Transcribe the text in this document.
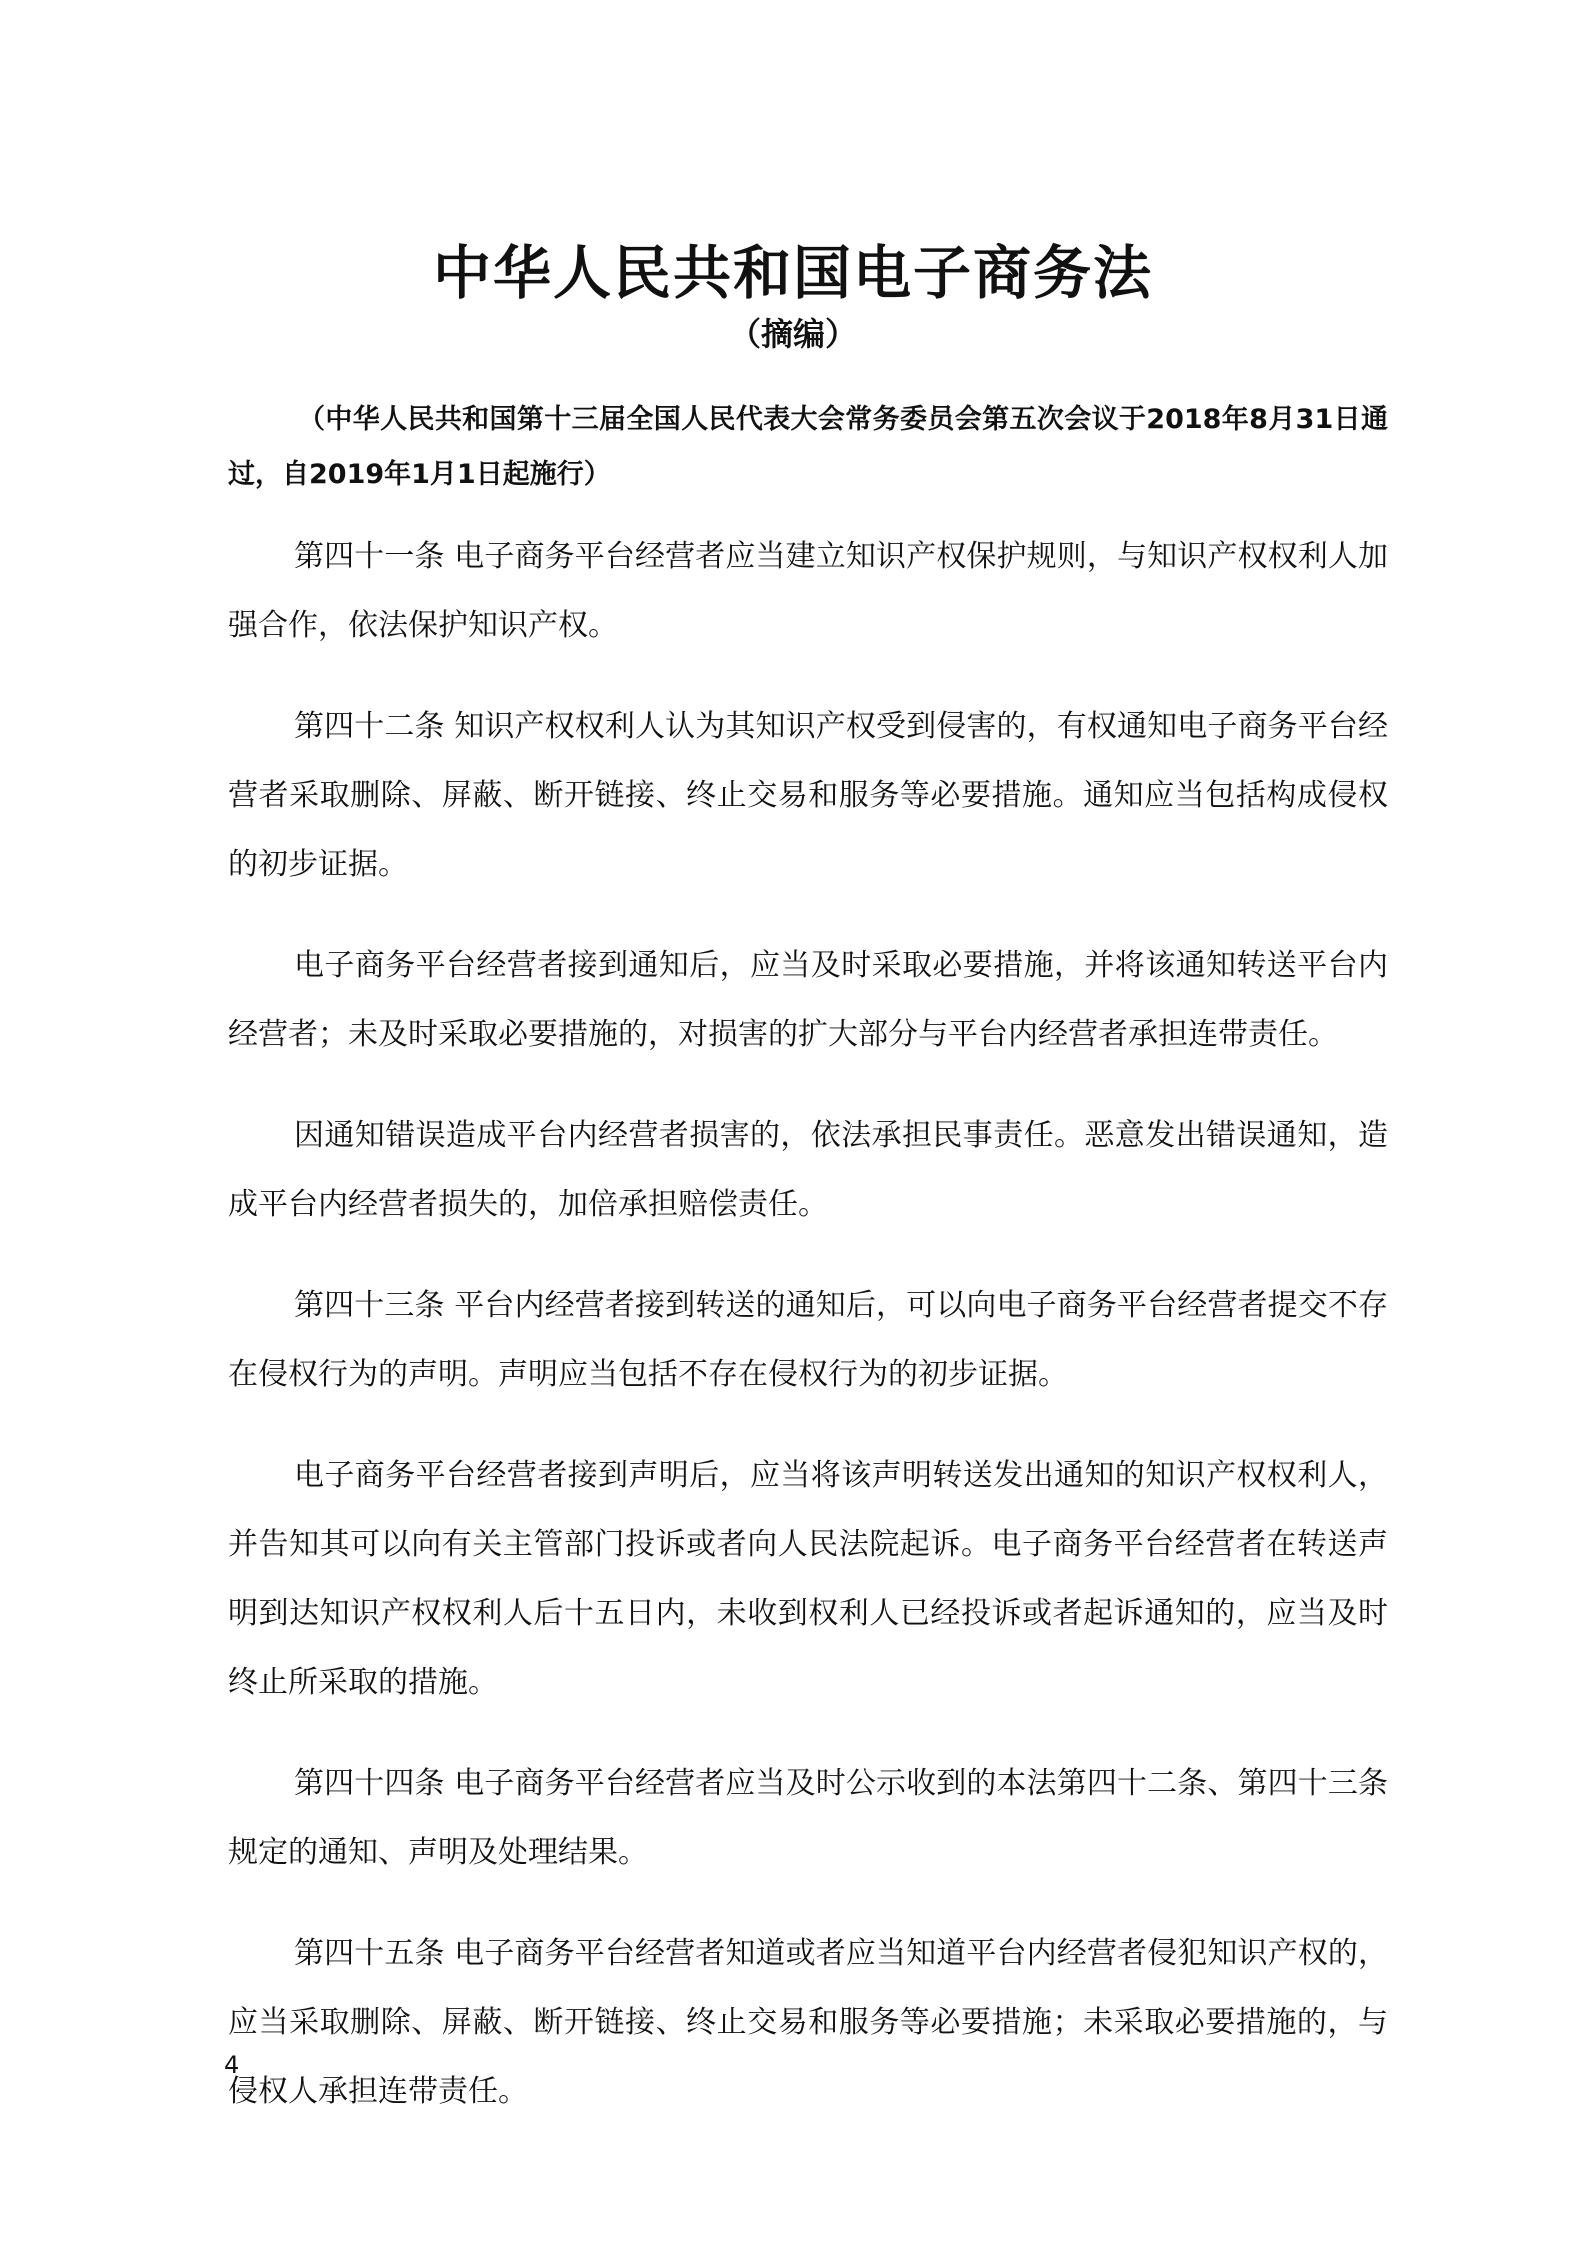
中华人民共和国电子商务法
（摘编）
（中华人民共和国第十三届全国人民代表大会常务委员会第五次会议于2018年8月31日通过，自2019年1月1日起施行）

第四十一条 电子商务平台经营者应当建立知识产权保护规则，与知识产权权利人加强合作，依法保护知识产权。

第四十二条 知识产权权利人认为其知识产权受到侵害的，有权通知电子商务平台经营者采取删除、屏蔽、断开链接、终止交易和服务等必要措施。通知应当包括构成侵权的初步证据。

电子商务平台经营者接到通知后，应当及时采取必要措施，并将该通知转送平台内经营者；未及时采取必要措施的，对损害的扩大部分与平台内经营者承担连带责任。

因通知错误造成平台内经营者损害的，依法承担民事责任。恶意发出错误通知，造成平台内经营者损失的，加倍承担赔偿责任。

第四十三条 平台内经营者接到转送的通知后，可以向电子商务平台经营者提交不存在侵权行为的声明。声明应当包括不存在侵权行为的初步证据。

电子商务平台经营者接到声明后，应当将该声明转送发出通知的知识产权权利人，并告知其可以向有关主管部门投诉或者向人民法院起诉。电子商务平台经营者在转送声明到达知识产权权利人后十五日内，未收到权利人已经投诉或者起诉通知的，应当及时终止所采取的措施。

第四十四条 电子商务平台经营者应当及时公示收到的本法第四十二条、第四十三条规定的通知、声明及处理结果。

第四十五条 电子商务平台经营者知道或者应当知道平台内经营者侵犯知识产权的，应当采取删除、屏蔽、断开链接、终止交易和服务等必要措施；未采取必要措施的，与侵权人承担连带责任。

4
